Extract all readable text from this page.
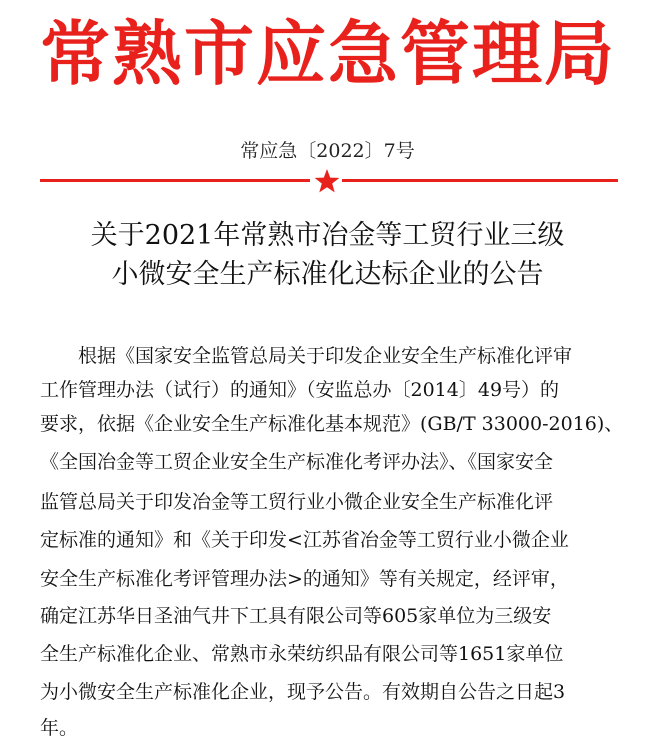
常熟市应急管理局
常应急〔2022〕7号
关于2021年常熟市冶金等工贸行业三级
小微安全生产标准化达标企业的公告
　　根据《国家安全监管总局关于印发企业安全生产标准化评审
工作管理办法（试行）的通知》（安监总办〔2014〕49号）的
要求，依据《企业安全生产标准化基本规范》(GB/T 33000-2016)、
《全国冶金等工贸企业安全生产标准化考评办法》、《国家安全
监管总局关于印发冶金等工贸行业小微企业安全生产标准化评
定标准的通知》和《关于印发<江苏省冶金等工贸行业小微企业
安全生产标准化考评管理办法>的通知》等有关规定，经评审，
确定江苏华日圣油气井下工具有限公司等605家单位为三级安
全生产标准化企业、常熟市永荣纺织品有限公司等1651家单位
为小微安全生产标准化企业，现予公告。有效期自公告之日起3
年。
